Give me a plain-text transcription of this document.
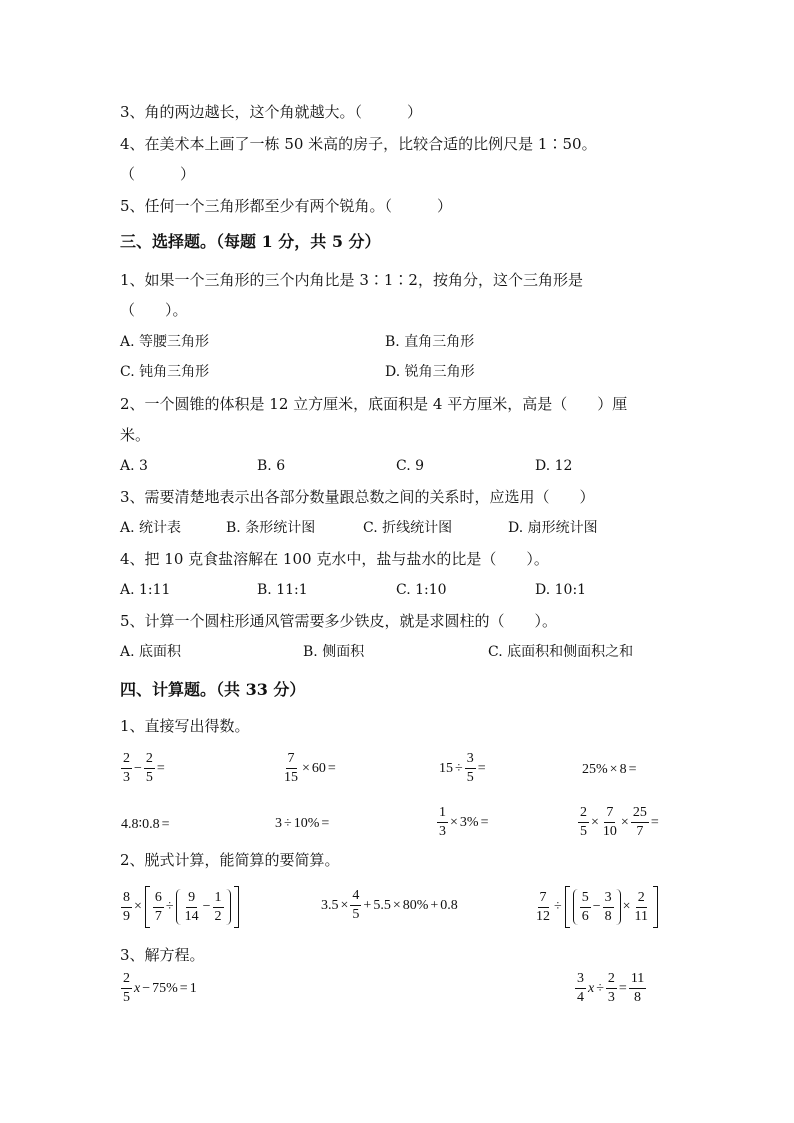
3、角的两边越长，这个角就越大。（　　　）
4、在美术本上画了一栋 50 米高的房子，比较合适的比例尺是 1∶50。
（　　　）
5、任何一个三角形都至少有两个锐角。（　　　）
三、选择题。（每题 1 分，共 5 分）
1、如果一个三角形的三个内角比是 3∶1∶2，按角分，这个三角形是
（　　）。
A. 等腰三角形	B. 直角三角形
C. 钝角三角形	D. 锐角三角形
2、一个圆锥的体积是 12 立方厘米，底面积是 4 平方厘米，高是（　　）厘
米。
A. 3	B. 6	C. 9	D. 12
3、需要清楚地表示出各部分数量跟总数之间的关系时，应选用（　　）
A. 统计表	B. 条形统计图	C. 折线统计图	D. 扇形统计图
4、把 10 克食盐溶解在 100 克水中，盐与盐水的比是（　　）。
A. 1:11	B. 11:1	C. 1:10	D. 10:1
5、计算一个圆柱形通风管需要多少铁皮，就是求圆柱的（　　）。
A. 底面积	B. 侧面积	C. 底面积和侧面积之和
四、计算题。（共 33 分）
1、直接写出得数。
$\frac{2}{3} - \frac{2}{5}$ =	$\frac{7}{15} \times 60$ =	$15 \div \frac{3}{5}$ =	25% × 8 =
4.8∶0.8 =	3 ÷ 10% =	$\frac{1}{3} \times 3\%$ =	$\frac{2}{5} \times \frac{7}{10} \times \frac{25}{7}$ =
2、脱式计算，能简算的要简算。
$\frac{8}{9} \times \frac{6}{7} \div \frac{9}{14} - \frac{1}{2}$	$3.5 \times \frac{4}{5} + 5.5 \times 80\% + 0.8$	$\frac{7}{12} \div \frac{5}{6} - \frac{3}{8} \times \frac{2}{11}$
3、解方程。
$\frac{2}{5}$ x − 75% = 1	$\frac{3}{4}$ $x \div \frac{2}{3} = \frac{11}{8}$
